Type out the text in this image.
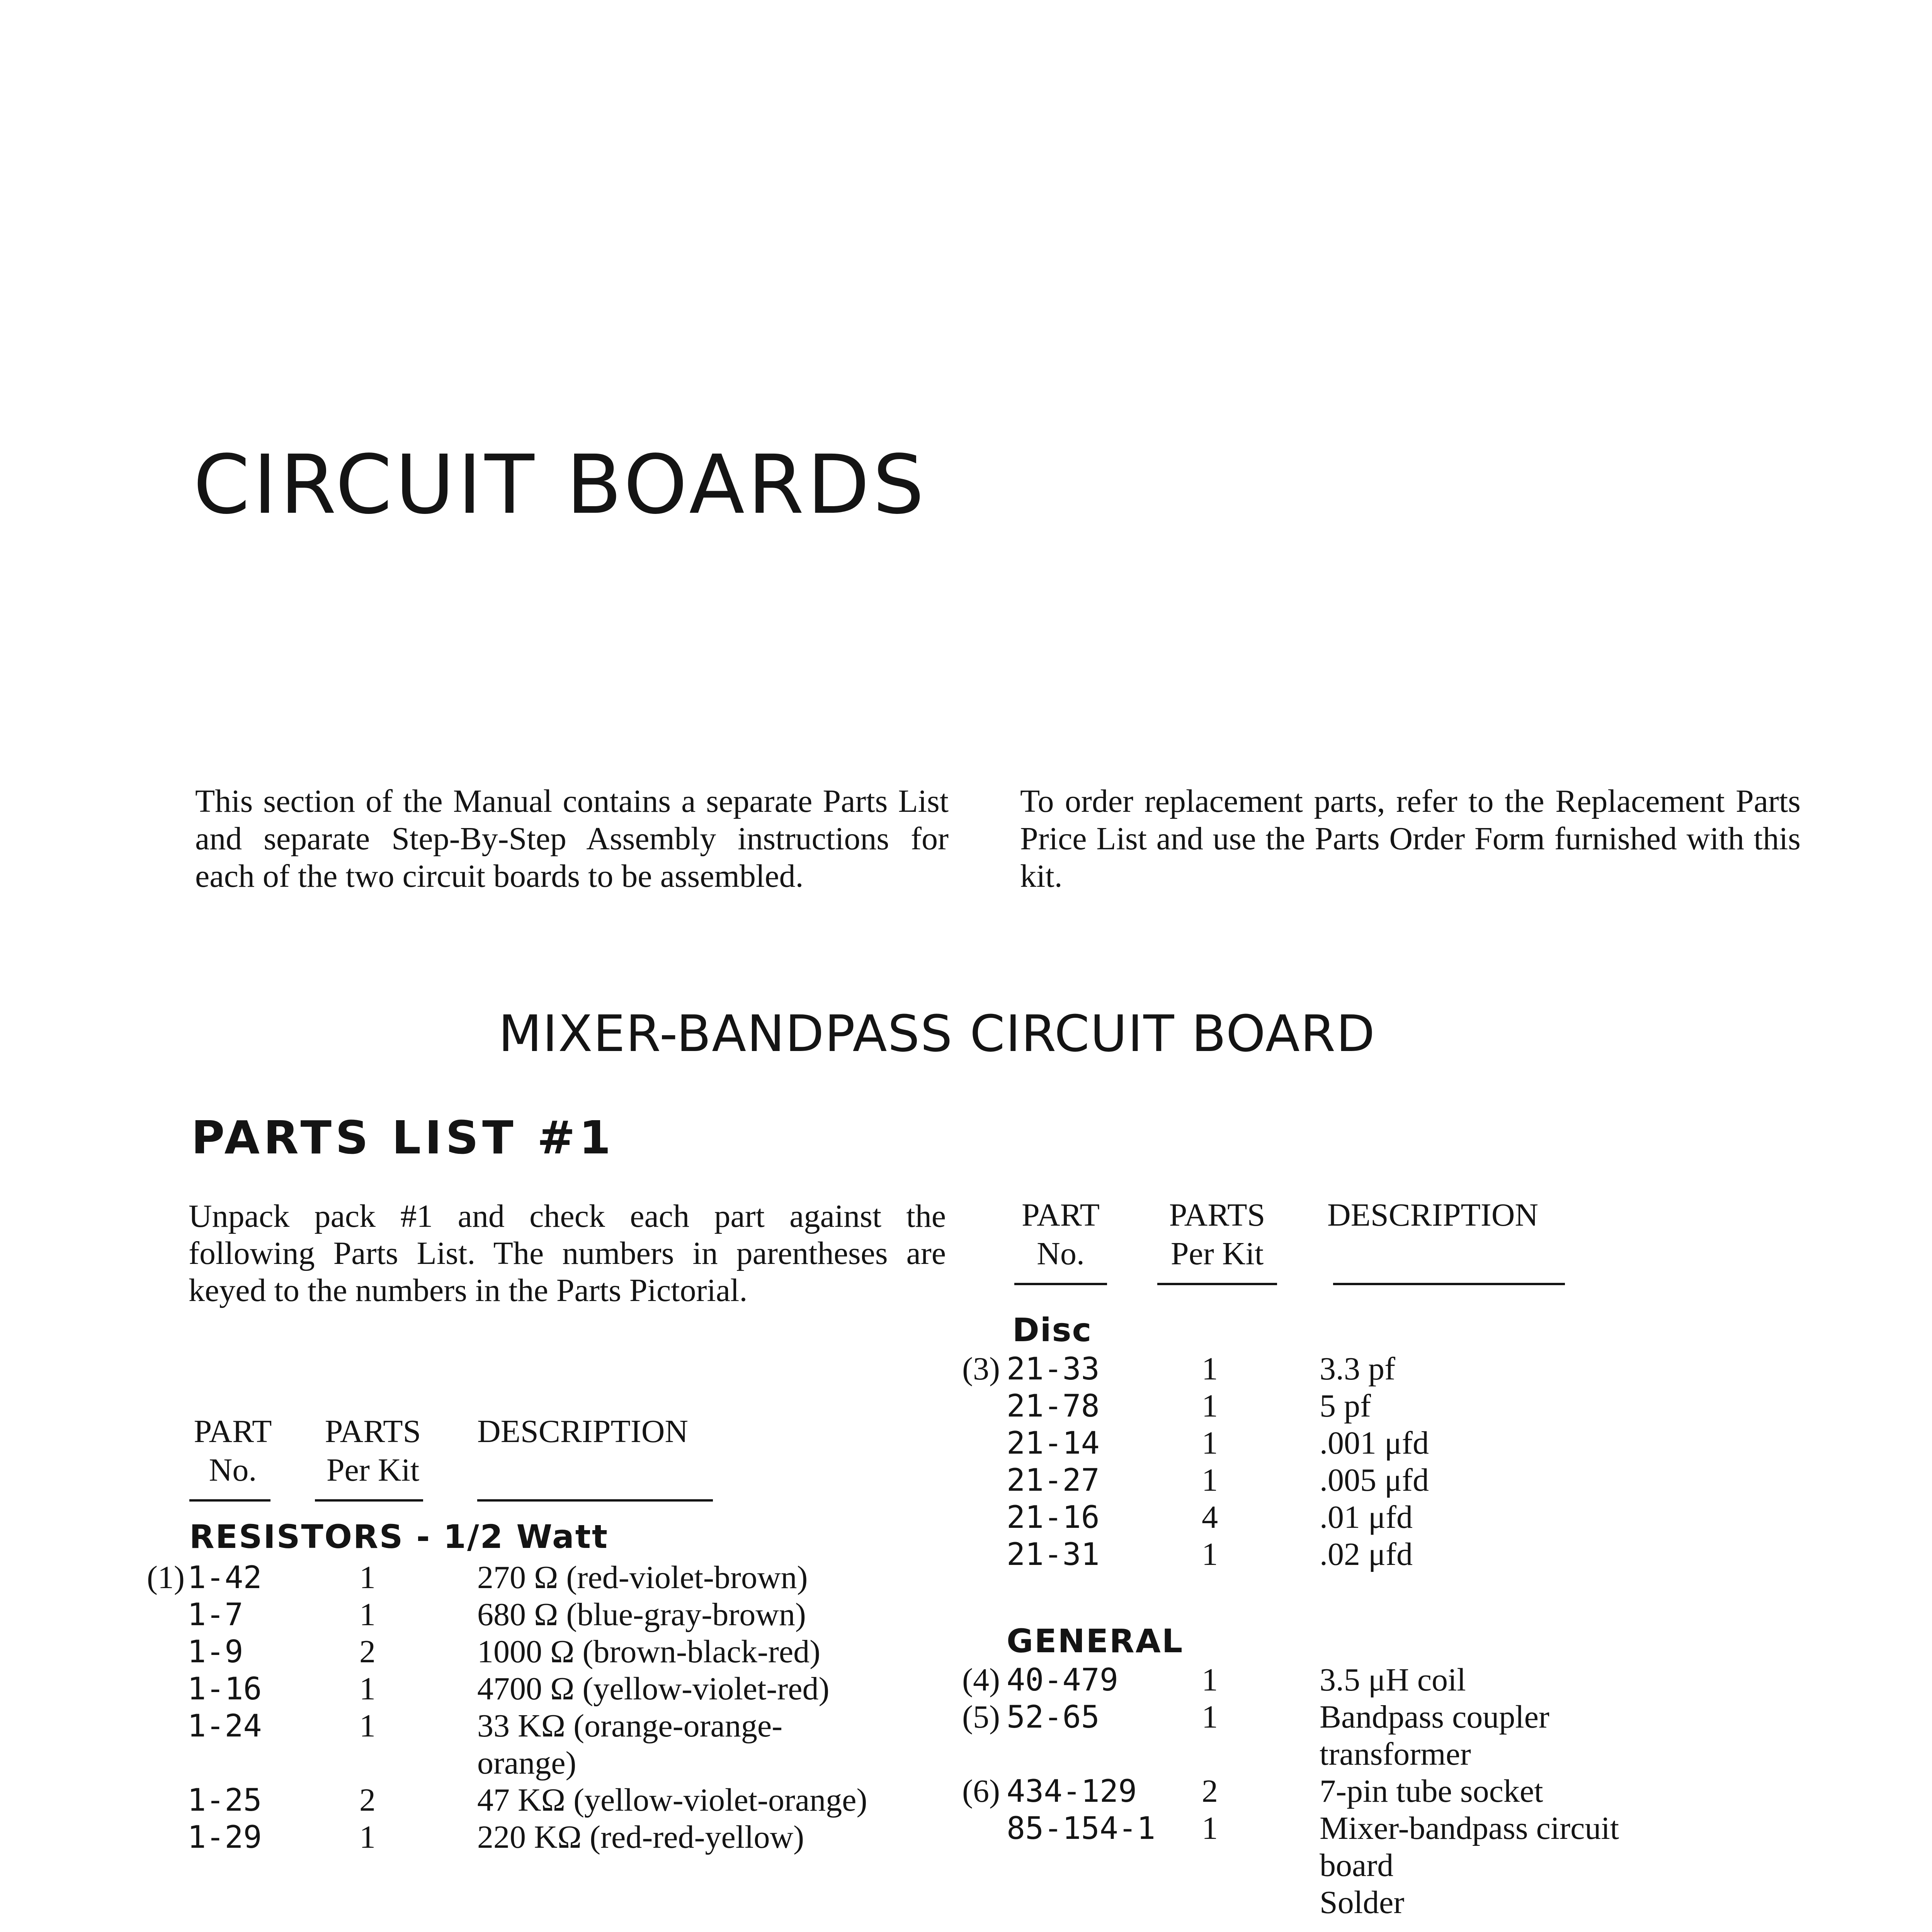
CIRCUIT BOARDS
This section of the Manual contains a separate Parts List and separate Step-By-Step Assembly instructions for each of the two circuit boards to be assembled.
To order replacement parts, refer to the Replacement Parts Price List and use the Parts Order Form furnished with this kit.
MIXER-BANDPASS CIRCUIT BOARD
PARTS LIST #1
Unpack pack #1 and check each part against the following Parts List. The numbers in parentheses are keyed to the numbers in the Parts Pictorial.
PART
No.
PARTS
Per Kit
DESCRIPTION
RESISTORS - 1/2 Watt
(1) 1-42
1-7
1-9
1-16
1-24
1-25
1-29
1
1
2
1
1
2
1
270 Ω (red-violet-brown)
680 Ω (blue-gray-brown)
1000 Ω (brown-black-red)
4700 Ω (yellow-violet-red)
33 KΩ (orange-orange-
orange)
47 KΩ (yellow-violet-orange)
220 KΩ (red-red-yellow)
PART
No.
PARTS
Per Kit
DESCRIPTION
Disc
(3) 21-33
21-78
21-14
21-27
21-16
21-31
1
1
1
1
4
1
3.3 pf
5 pf
.001 μfd
.005 μfd
.01 μfd
.02 μfd
GENERAL
(4)
(5)
(6)
40-479
52-65
434-129
85-154-1
1
1
2
1
3.5 μH coil
Bandpass coupler
transformer
7-pin tube socket
Mixer-bandpass circuit
board
Solder
